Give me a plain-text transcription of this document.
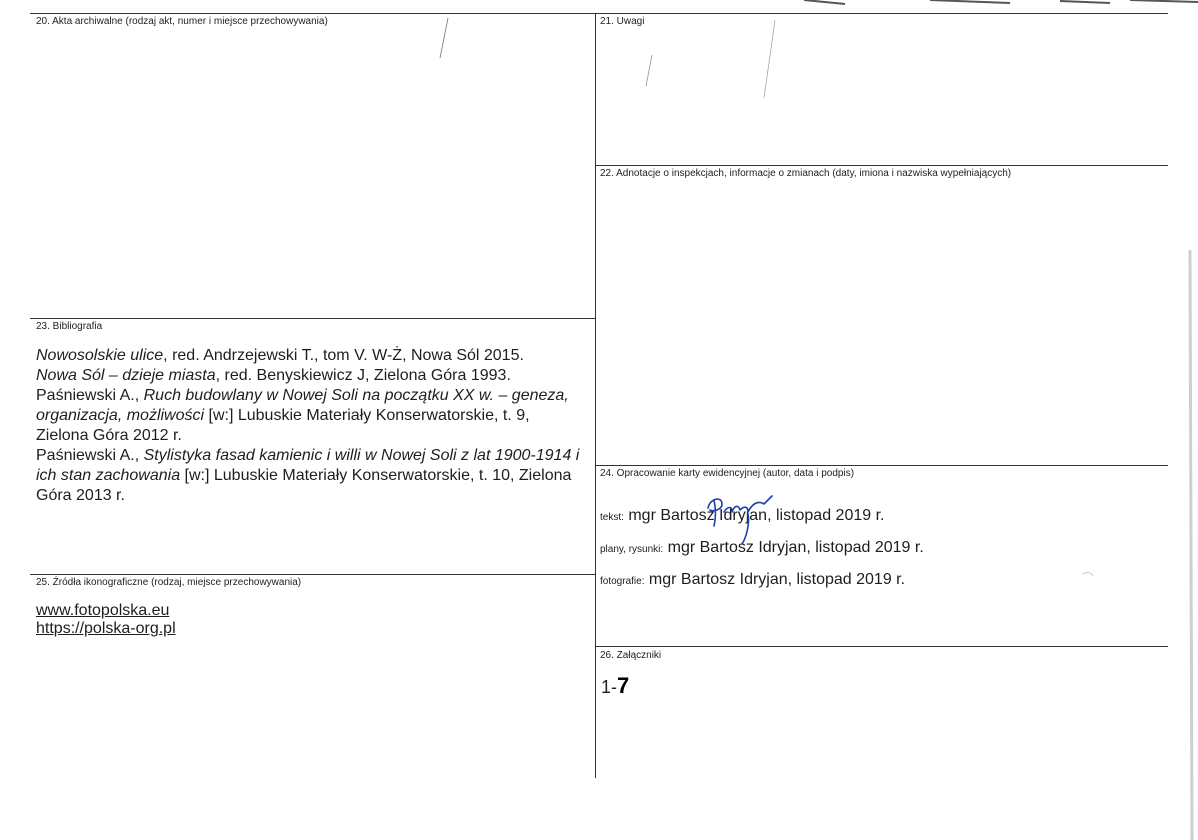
20. Akta archiwalne (rodzaj akt, numer i miejsce przechowywania)	21. Uwagi
22. Adnotacje o inspekcjach, informacje o zmianach (daty, imiona i nazwiska wypełniających)
23. Bibliografia
24. Opracowanie karty ewidencyjnej (autor, data i podpis)
25. Źródła ikonograficzne (rodzaj, miejsce przechowywania)
26. Załączniki

Nowosolskie ulice, red. Andrzejewski T., tom V. W-Ż, Nowa Sól 2015.

Nowa Sól – dzieje miasta, red. Benyskiewicz J, Zielona Góra 1993.

Paśniewski A., Ruch budowlany w Nowej Soli na początku XX w. – geneza, organizacja, możliwości [w:] Lubuskie Materiały Konserwatorskie, t. 9, Zielona Góra 2012 r.

Paśniewski A., Stylistyka fasad kamienic i willi w Nowej Soli z lat 1900-1914 i ich stan zachowania [w:] Lubuskie Materiały Konserwatorskie, t. 10, Zielona Góra 2013 r.

www.fotopolska.eu
https://polska-org.pl
tekst: mgr Bartosz Idryjan, listopad 2019 r.
plany, rysunki: mgr Bartosz Idryjan, listopad 2019 r.
fotografie: mgr Bartosz Idryjan, listopad 2019 r.
1-7
